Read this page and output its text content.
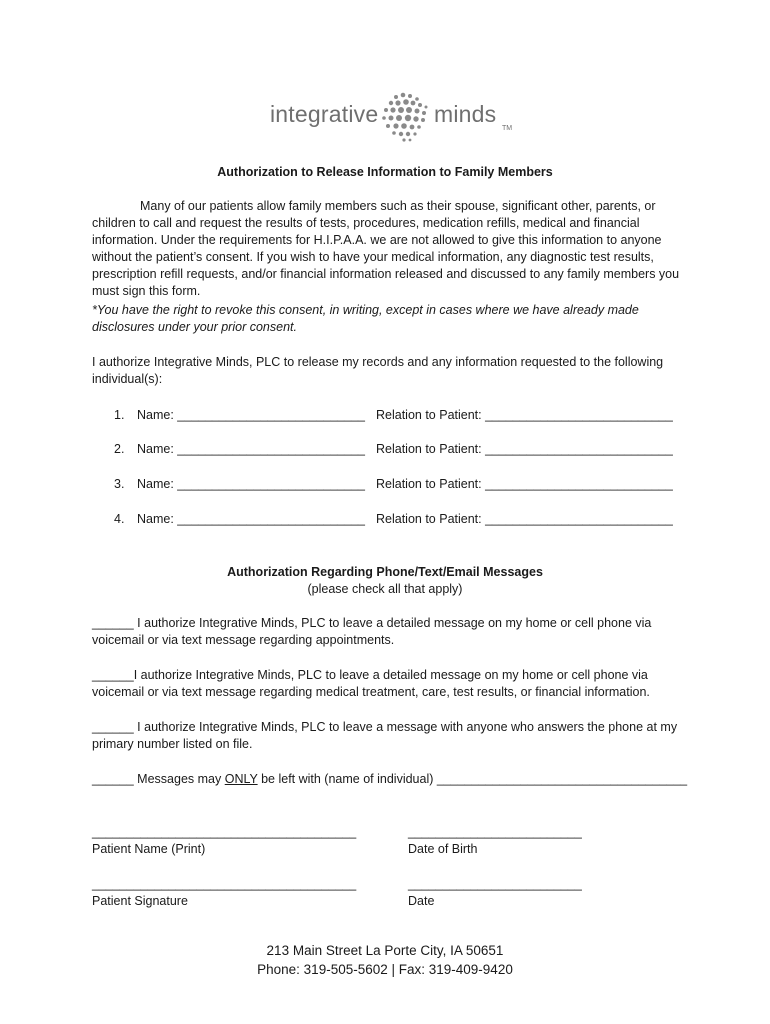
integrative minds
TM
Authorization to Release Information to Family Members
Many of our patients allow family members such as their spouse, significant other, parents, or children to call and request the results of tests, procedures, medication refills, medical and financial information. Under the requirements for H.I.P.A.A. we are not allowed to give this information to anyone without the patient’s consent. If you wish to have your medical information, any diagnostic test results, prescription refill requests, and/or financial information released and discussed to any family members you must sign this form.
*You have the right to revoke this consent, in writing, except in cases where we have already made disclosures under your prior consent.
I authorize Integrative Minds, PLC to release my records and any information requested to the following individual(s):
1. Name: ___________________________ Relation to Patient: ___________________________
2. Name: ___________________________ Relation to Patient: ___________________________
3. Name: ___________________________ Relation to Patient: ___________________________
4. Name: ___________________________ Relation to Patient: ___________________________
Authorization Regarding Phone/Text/Email Messages
(please check all that apply)
______ I authorize Integrative Minds, PLC to leave a detailed message on my home or cell phone via voicemail or via text message regarding appointments.
______I authorize Integrative Minds, PLC to leave a detailed message on my home or cell phone via voicemail or via text message regarding medical treatment, care, test results, or financial information.
______ I authorize Integrative Minds, PLC to leave a message with anyone who answers the phone at my primary number listed on file.
______ Messages may ONLY be left with (name of individual) ____________________________________
______________________________________	_________________________
Patient Name (Print)	Date of Birth
______________________________________	_________________________
Patient Signature	Date
213 Main Street La Porte City, IA 50651
Phone: 319-505-5602 | Fax: 319-409-9420
